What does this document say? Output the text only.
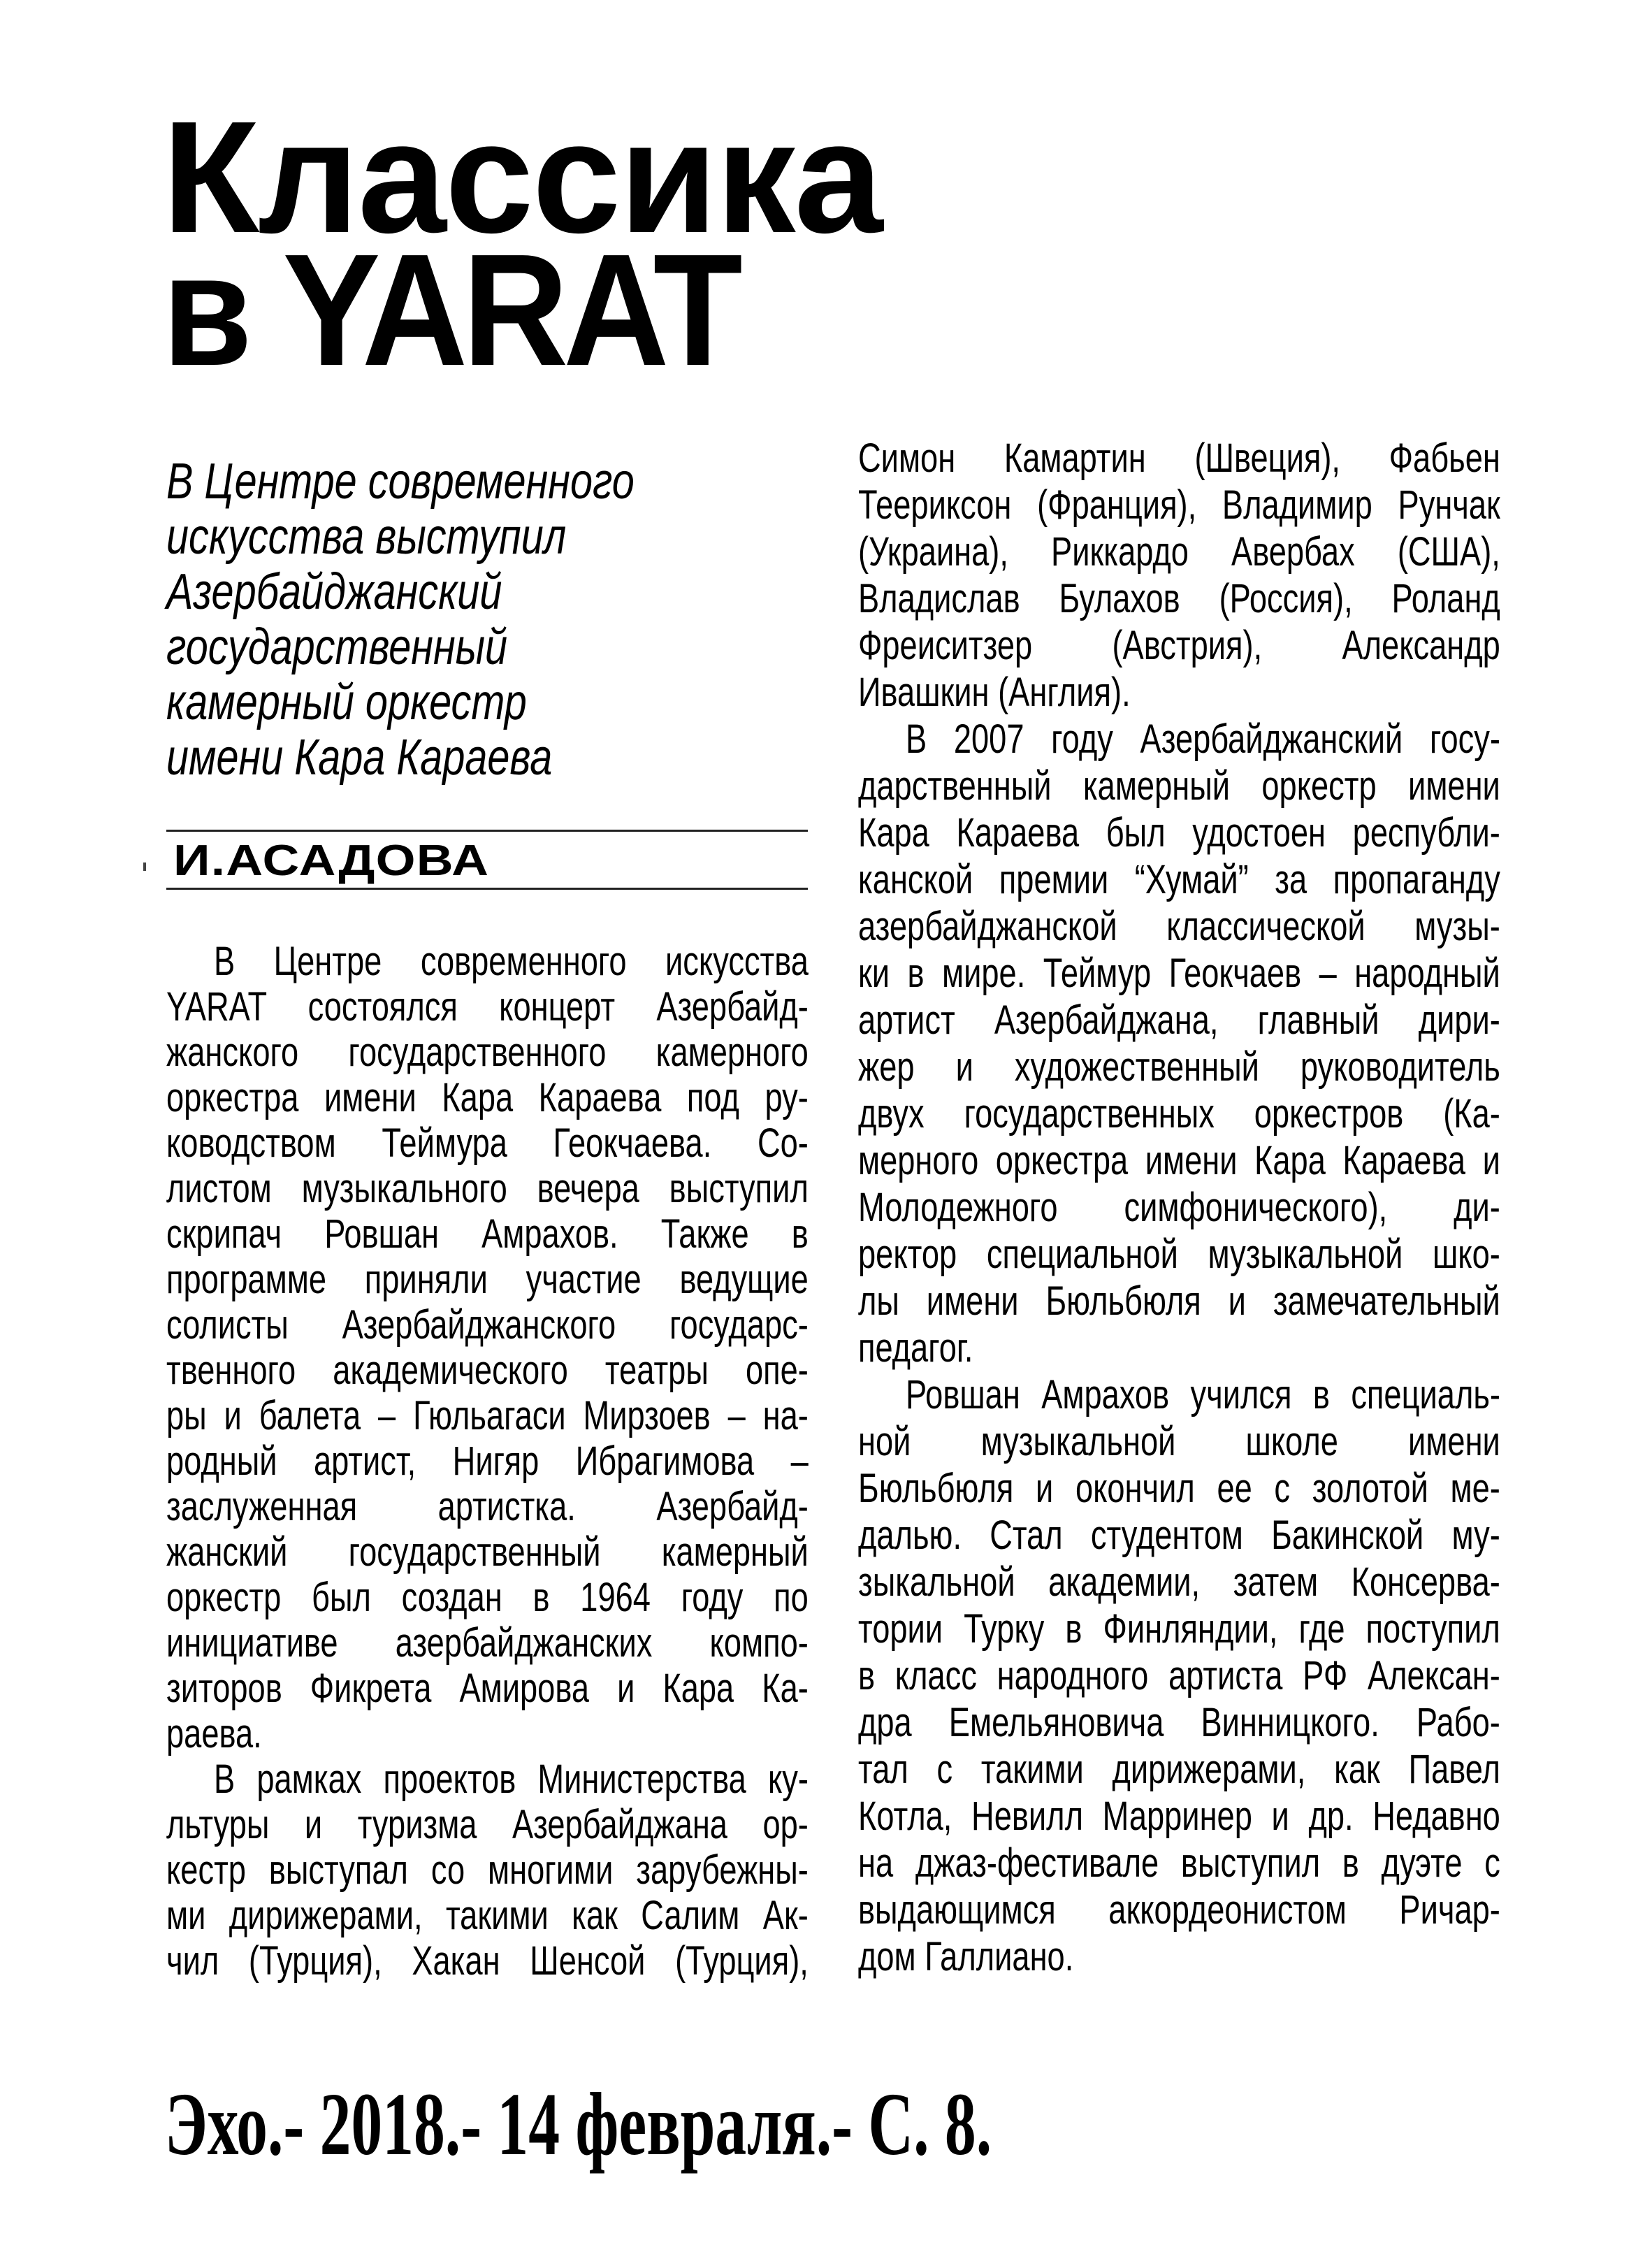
Классика
в YARAT
В Центре современного
искусства выступил
Азербайджанский
государственный
камерный оркестр
имени Кара Караева
И.АСАДОВА
В Центре современного искусства
YARAT состоялся концерт Азербайд-
жанского государственного камерного
оркестра имени Кара Караева под ру-
ководством Теймура Геокчаева. Со-
листом музыкального вечера выступил
скрипач Ровшан Амрахов. Также в
программе приняли участие ведущие
солисты Азербайджанского государс-
твенного академического театры опе-
ры и балета – Гюльагаси Мирзоев – на-
родный артист, Нигяр Ибрагимова –
заслуженная артистка. Азербайд-
жанский государственный камерный
оркестр был создан в 1964 году по
инициативе азербайджанских компо-
зиторов Фикрета Амирова и Кара Ка-
раева.
В рамках проектов Министерства ку-
льтуры и туризма Азербайджана ор-
кестр выступал со многими зарубежны-
ми дирижерами, такими как Салим Ак-
чил (Турция), Хакан Шенсой (Турция),
Симон Камартин (Швеция), Фабьен
Теериксон (Франция), Владимир Рунчак
(Украина), Риккардо Авербах (США),
Владислав Булахов (Россия), Роланд
Фреиситзер (Австрия), Александр
Ивашкин (Англия).
В 2007 году Азербайджанский госу-
дарственный камерный оркестр имени
Кара Караева был удостоен республи-
канской премии “Хумай” за пропаганду
азербайджанской классической музы-
ки в мире. Теймур Геокчаев – народный
артист Азербайджана, главный дири-
жер и художественный руководитель
двух государственных оркестров (Ка-
мерного оркестра имени Кара Караева и
Молодежного симфонического), ди-
ректор специальной музыкальной шко-
лы имени Бюльбюля и замечательный
педагог.
Ровшан Амрахов учился в специаль-
ной музыкальной школе имени
Бюльбюля и окончил ее с золотой ме-
далью. Стал студентом Бакинской му-
зыкальной академии, затем Консерва-
тории Турку в Финляндии, где поступил
в класс народного артиста РФ Алексан-
дра Емельяновича Винницкого. Рабо-
тал с такими дирижерами, как Павел
Котла, Невилл Марринер и др. Недавно
на джаз-фестивале выступил в дуэте с
выдающимся аккордеонистом Ричар-
дом Галлиано.
Эхо.- 2018.- 14 февраля.- С. 8.
